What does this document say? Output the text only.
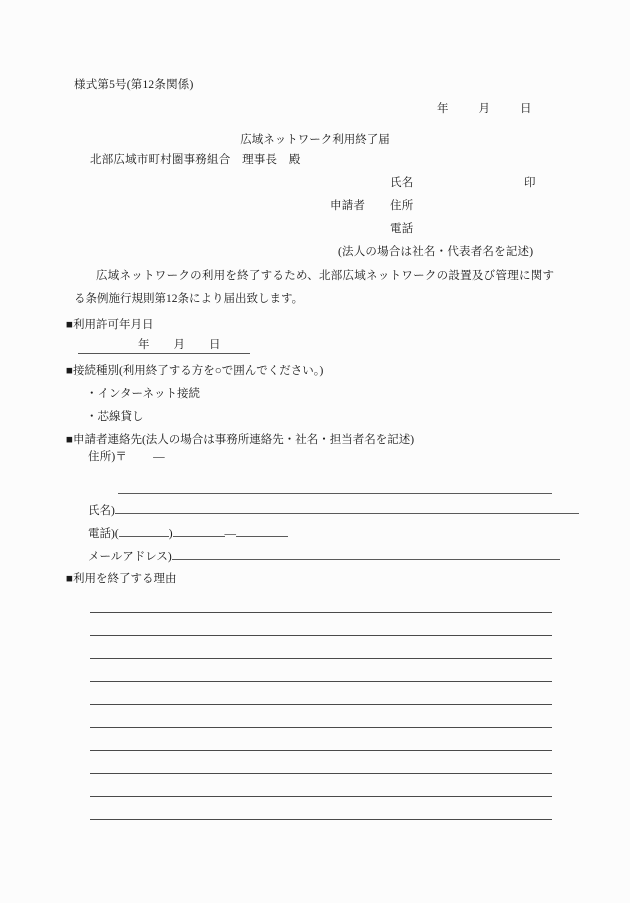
様式第5号(第12条関係)
年	月	日
広域ネットワーク利用終了届
北部広域市町村圏事務組合　理事長　殿
氏名	印
申請者 住所
電話
(法人の場合は社名・代表者名を記述)
広域ネットワークの利用を終了するため、北部広域ネットワークの設置及び管理に関する条例施行規則第12条により届出致します。
■利用許可年月日
年 月 日
■接続種別(利用終了する方を○で囲んでください。)
・インターネット接続
・芯線貸し
■申請者連絡先(法人の場合は事務所連絡先・社名・担当者名を記述)
住所)〒 —
氏名)
電話)(	)	—
メールアドレス)
■利用を終了する理由
